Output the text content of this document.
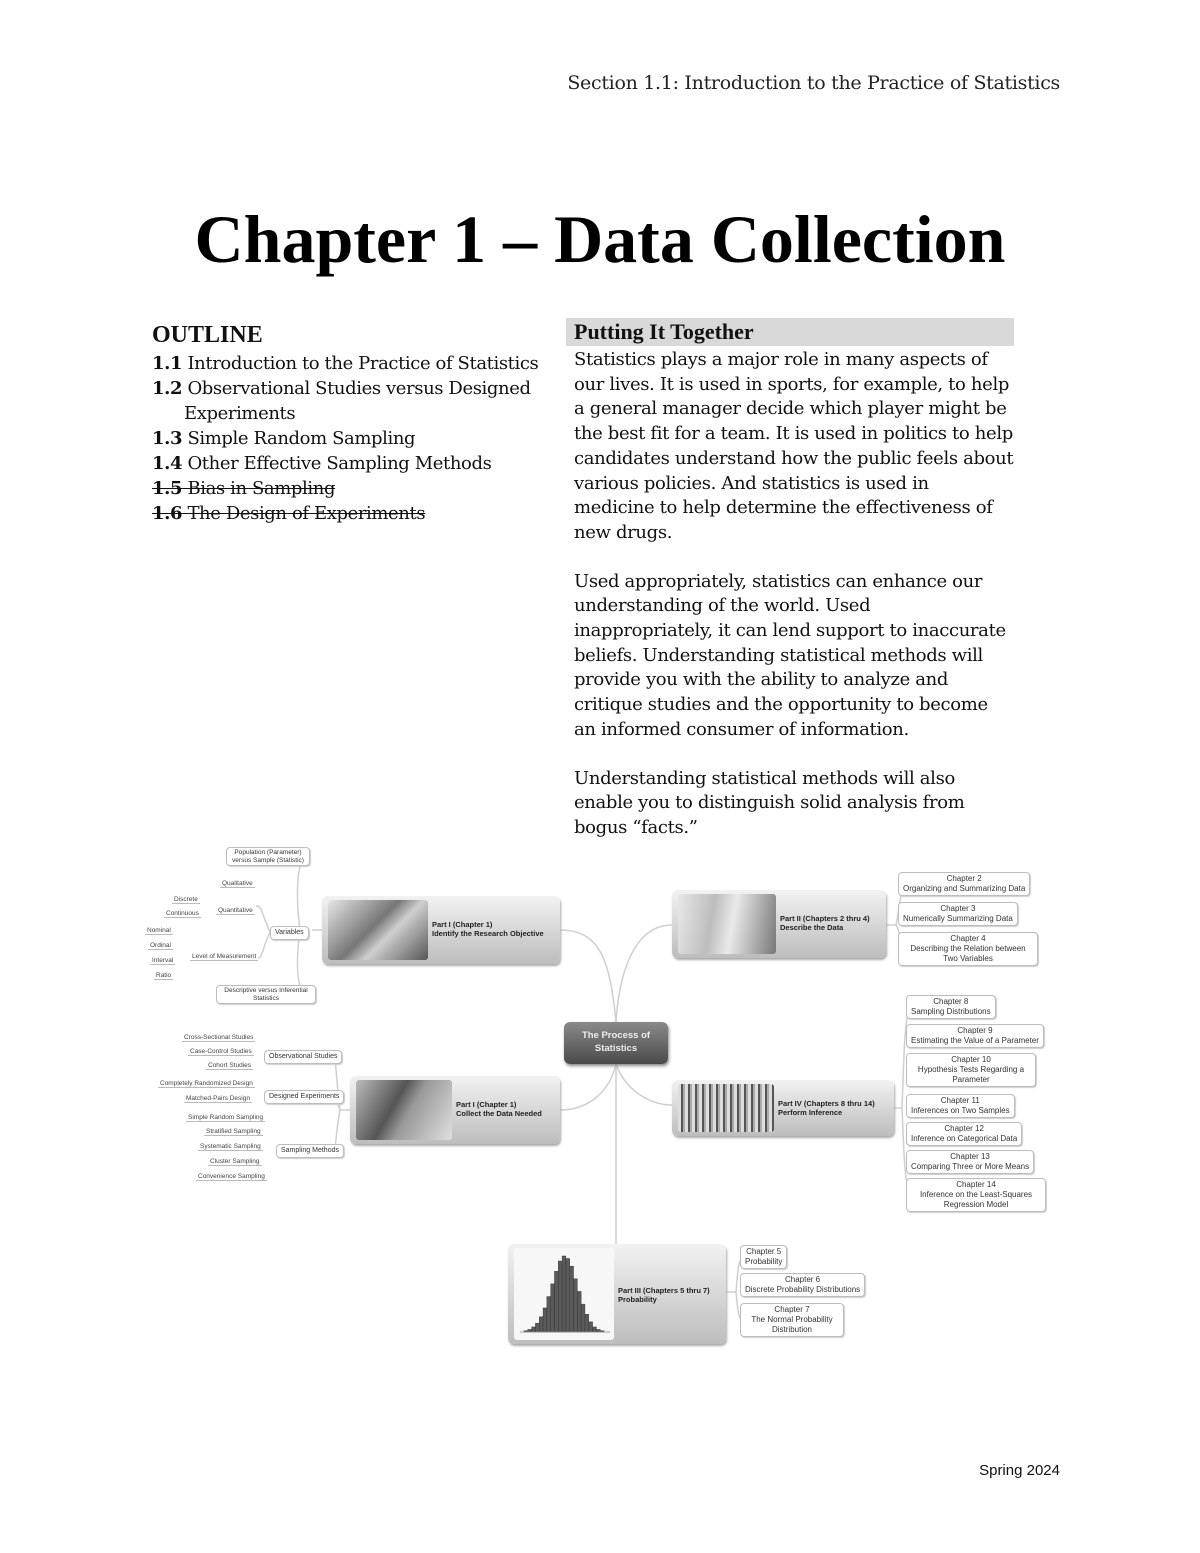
Section 1.1: Introduction to the Practice of Statistics
Chapter 1 – Data Collection
OUTLINE
1.1 Introduction to the Practice of Statistics
1.2 Observational Studies versus Designed Experiments
1.3 Simple Random Sampling
1.4 Other Effective Sampling Methods
1.5 Bias in Sampling
1.6 The Design of Experiments
Putting It Together

Statistics plays a major role in many aspects of our lives. It is used in sports, for example, to help a general manager decide which player might be the best fit for a team. It is used in politics to help candidates understand how the public feels about various policies. And statistics is used in medicine to help determine the effectiveness of new drugs.

Used appropriately, statistics can enhance our understanding of the world. Used inappropriately, it can lend support to inaccurate beliefs. Understanding statistical methods will provide you with the ability to analyze and critique studies and the opportunity to become an informed consumer of information.

Understanding statistical methods will also enable you to distinguish solid analysis from bogus “facts.”

The Process of Statistics
Part I (Chapter 1)
Identify the Research Objective
Population (Parameter) versus Sample (Statistic)
Qualitative
Quantitative
Discrete
Continuous
Variables
Level of Measurement
Nominal
Ordinal
Interval
Ratio
Descriptive versus Inferential Statistics
Part I (Chapter 1)
Collect the Data Needed
Cross-Sectional Studies
Case-Control Studies
Cohort Studies
Observational Studies
Completely Randomized Design
Matched-Pairs Design	Designed Experiments
Simple Random Sampling
Stratified Sampling
Systematic Sampling
Cluster Sampling
Convenience Sampling
Sampling Methods
Part II (Chapters 2 thru 4)
Describe the Data
Chapter 2
Organizing and Summarizing Data
Chapter 3
Numerically Summarizing Data
Chapter 4
Describing the Relation between Two Variables
Part IV (Chapters 8 thru 14)
Perform Inference
Chapter 8
Sampling Distributions
Chapter 9
Estimating the Value of a Parameter
Chapter 10
Hypothesis Tests Regarding a Parameter
Chapter 11
Inferences on Two Samples
Chapter 12
Inference on Categorical Data
Chapter 13
Comparing Three or More Means
Chapter 14
Inference on the Least-Squares Regression Model
Part III (Chapters 5 thru 7)
Probability
Chapter 5
Probability
Chapter 6
Discrete Probability Distributions
Chapter 7
The Normal Probability Distribution
Spring 2024
